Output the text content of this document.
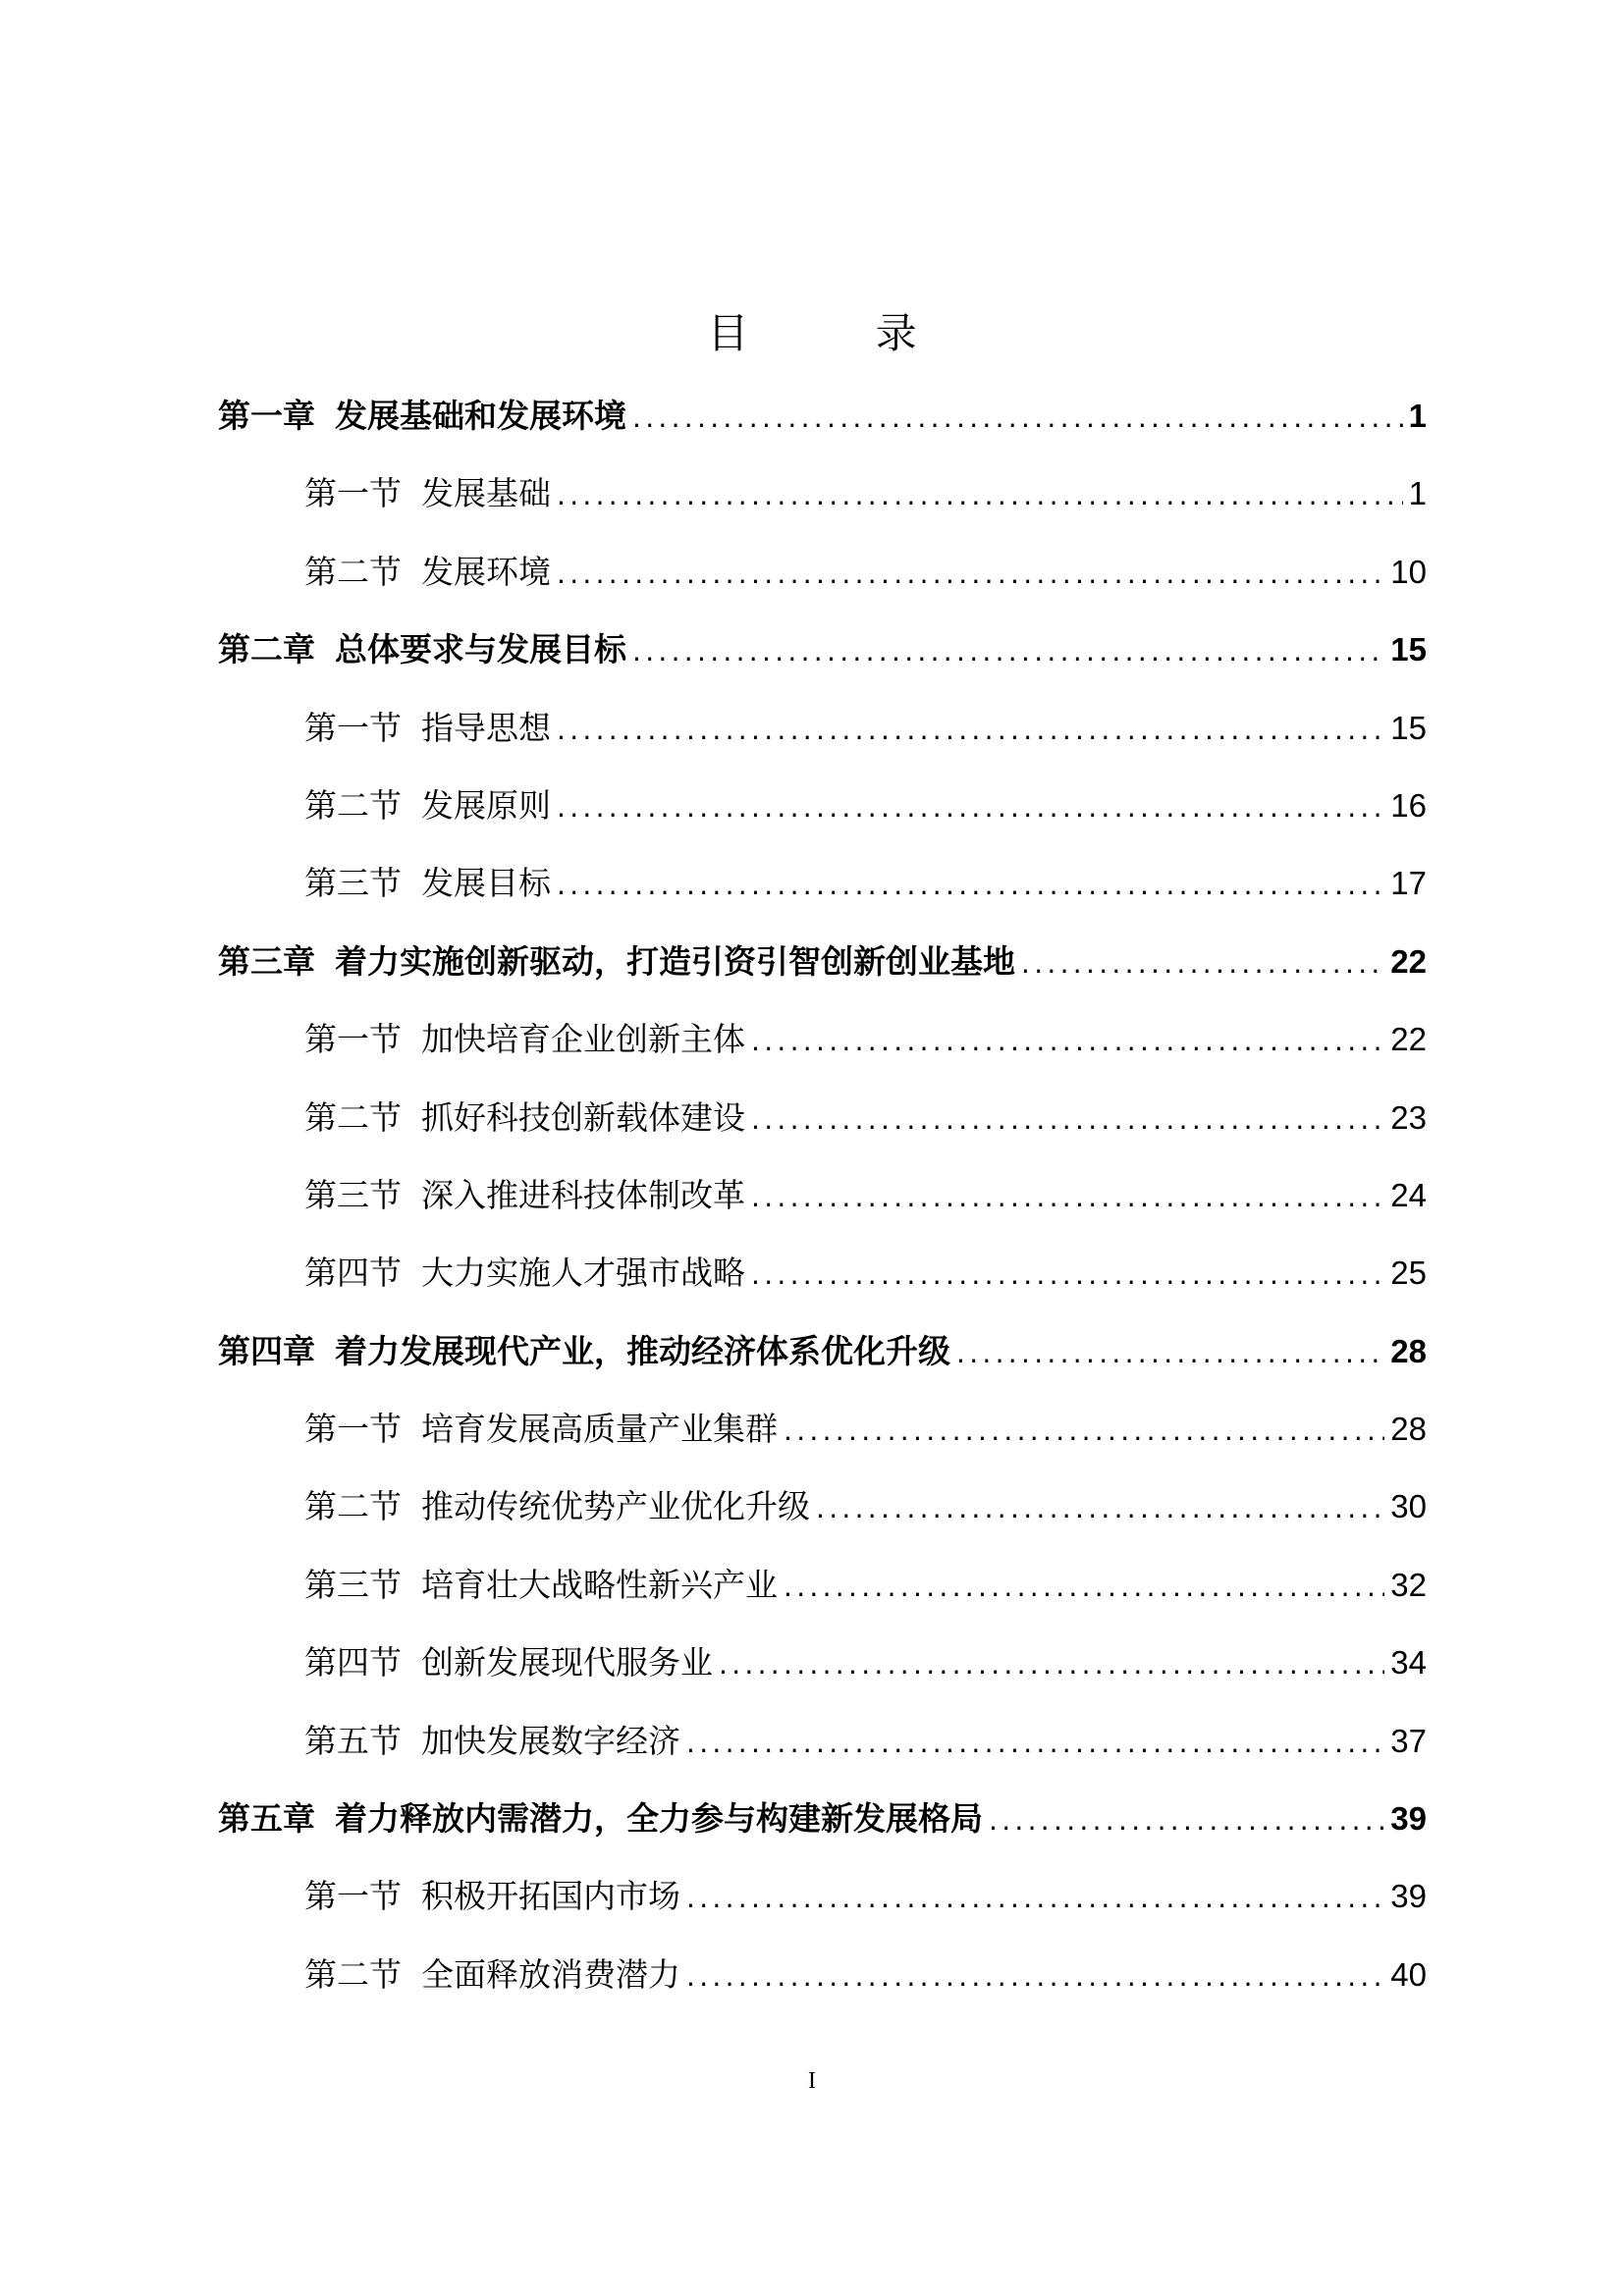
目 录
第一章 发展基础和发展环境 .....	1
第一节 发展基础 .....	1
第二节 发展环境 .....	10
第二章 总体要求与发展目标 .....	15
第一节 指导思想 .....	15
第二节 发展原则 .....	16
第三节 发展目标 .....	17
第三章 着力实施创新驱动，打造引资引智创新创业基地 .....	22
第一节 加快培育企业创新主体 .....	22
第二节 抓好科技创新载体建设 .....	23
第三节 深入推进科技体制改革 .....	24
第四节 大力实施人才强市战略 .....	25
第四章 着力发展现代产业，推动经济体系优化升级 .....	28
第一节 培育发展高质量产业集群 .....	28
第二节 推动传统优势产业优化升级 .....	30
第三节 培育壮大战略性新兴产业 .....	32
第四节 创新发展现代服务业 .....	34
第五节 加快发展数字经济 .....	37
第五章 着力释放内需潜力，全力参与构建新发展格局 .....	39
第一节 积极开拓国内市场 .....	39
第二节 全面释放消费潜力 .....	40
I
